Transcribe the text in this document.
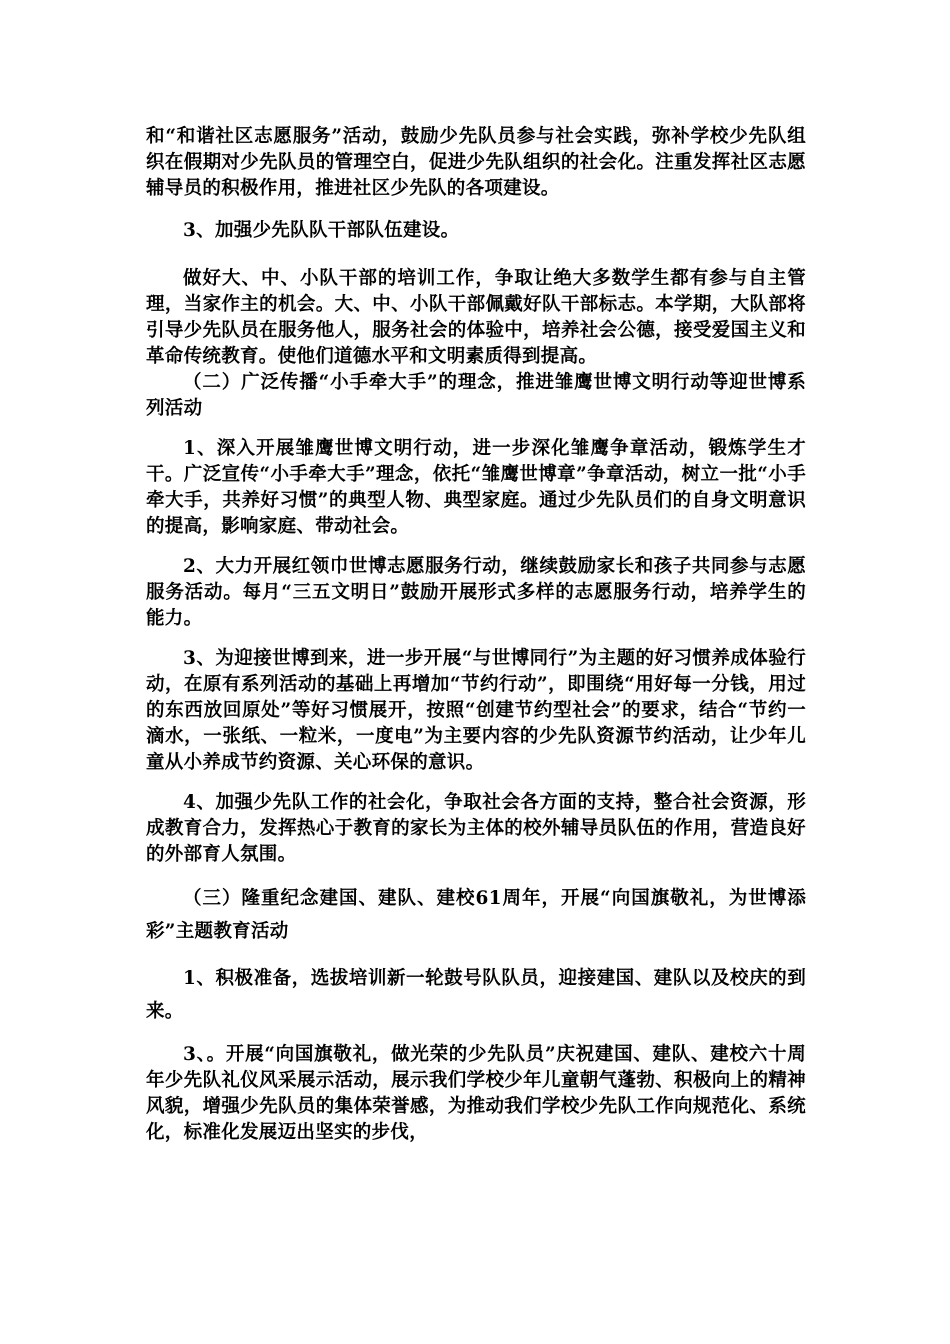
和“和谐社区志愿服务”活动，鼓励少先队员参与社会实践，弥补学校少先队组织在假期对少先队员的管理空白，促进少先队组织的社会化。注重发挥社区志愿辅导员的积极作用，推进社区少先队的各项建设。

3、加强少先队队干部队伍建设。

做好大、中、小队干部的培训工作，争取让绝大多数学生都有参与自主管理，当家作主的机会。大、中、小队干部佩戴好队干部标志。本学期，大队部将引导少先队员在服务他人，服务社会的体验中，培养社会公德，接受爱国主义和革命传统教育。使他们道德水平和文明素质得到提高。

（二）广泛传播“小手牵大手”的理念，推进雏鹰世博文明行动等迎世博系列活动

1、深入开展雏鹰世博文明行动，进一步深化雏鹰争章活动，锻炼学生才干。广泛宣传“小手牵大手”理念，依托“雏鹰世博章”争章活动，树立一批“小手牵大手，共养好习惯”的典型人物、典型家庭。通过少先队员们的自身文明意识的提高，影响家庭、带动社会。

2、大力开展红领巾世博志愿服务行动，继续鼓励家长和孩子共同参与志愿服务活动。每月“三五文明日”鼓励开展形式多样的志愿服务行动，培养学生的能力。

3、为迎接世博到来，进一步开展“与世博同行”为主题的好习惯养成体验行动，在原有系列活动的基础上再增加“节约行动”，即围绕“用好每一分钱，用过的东西放回原处”等好习惯展开，按照“创建节约型社会”的要求，结合“节约一滴水，一张纸、一粒米，一度电”为主要内容的少先队资源节约活动，让少年儿童从小养成节约资源、关心环保的意识。

4、加强少先队工作的社会化，争取社会各方面的支持，整合社会资源，形成教育合力，发挥热心于教育的家长为主体的校外辅导员队伍的作用，营造良好的外部育人氛围。

（三）隆重纪念建国、建队、建校61周年，开展“向国旗敬礼，为世博添彩”主题教育活动

1、积极准备，选拔培训新一轮鼓号队队员，迎接建国、建队以及校庆的到来。

3、。开展“向国旗敬礼，做光荣的少先队员”庆祝建国、建队、建校六十周年少先队礼仪风采展示活动，展示我们学校少年儿童朝气蓬勃、积极向上的精神风貌，增强少先队员的集体荣誉感，为推动我们学校少先队工作向规范化、系统化，标准化发展迈出坚实的步伐，
